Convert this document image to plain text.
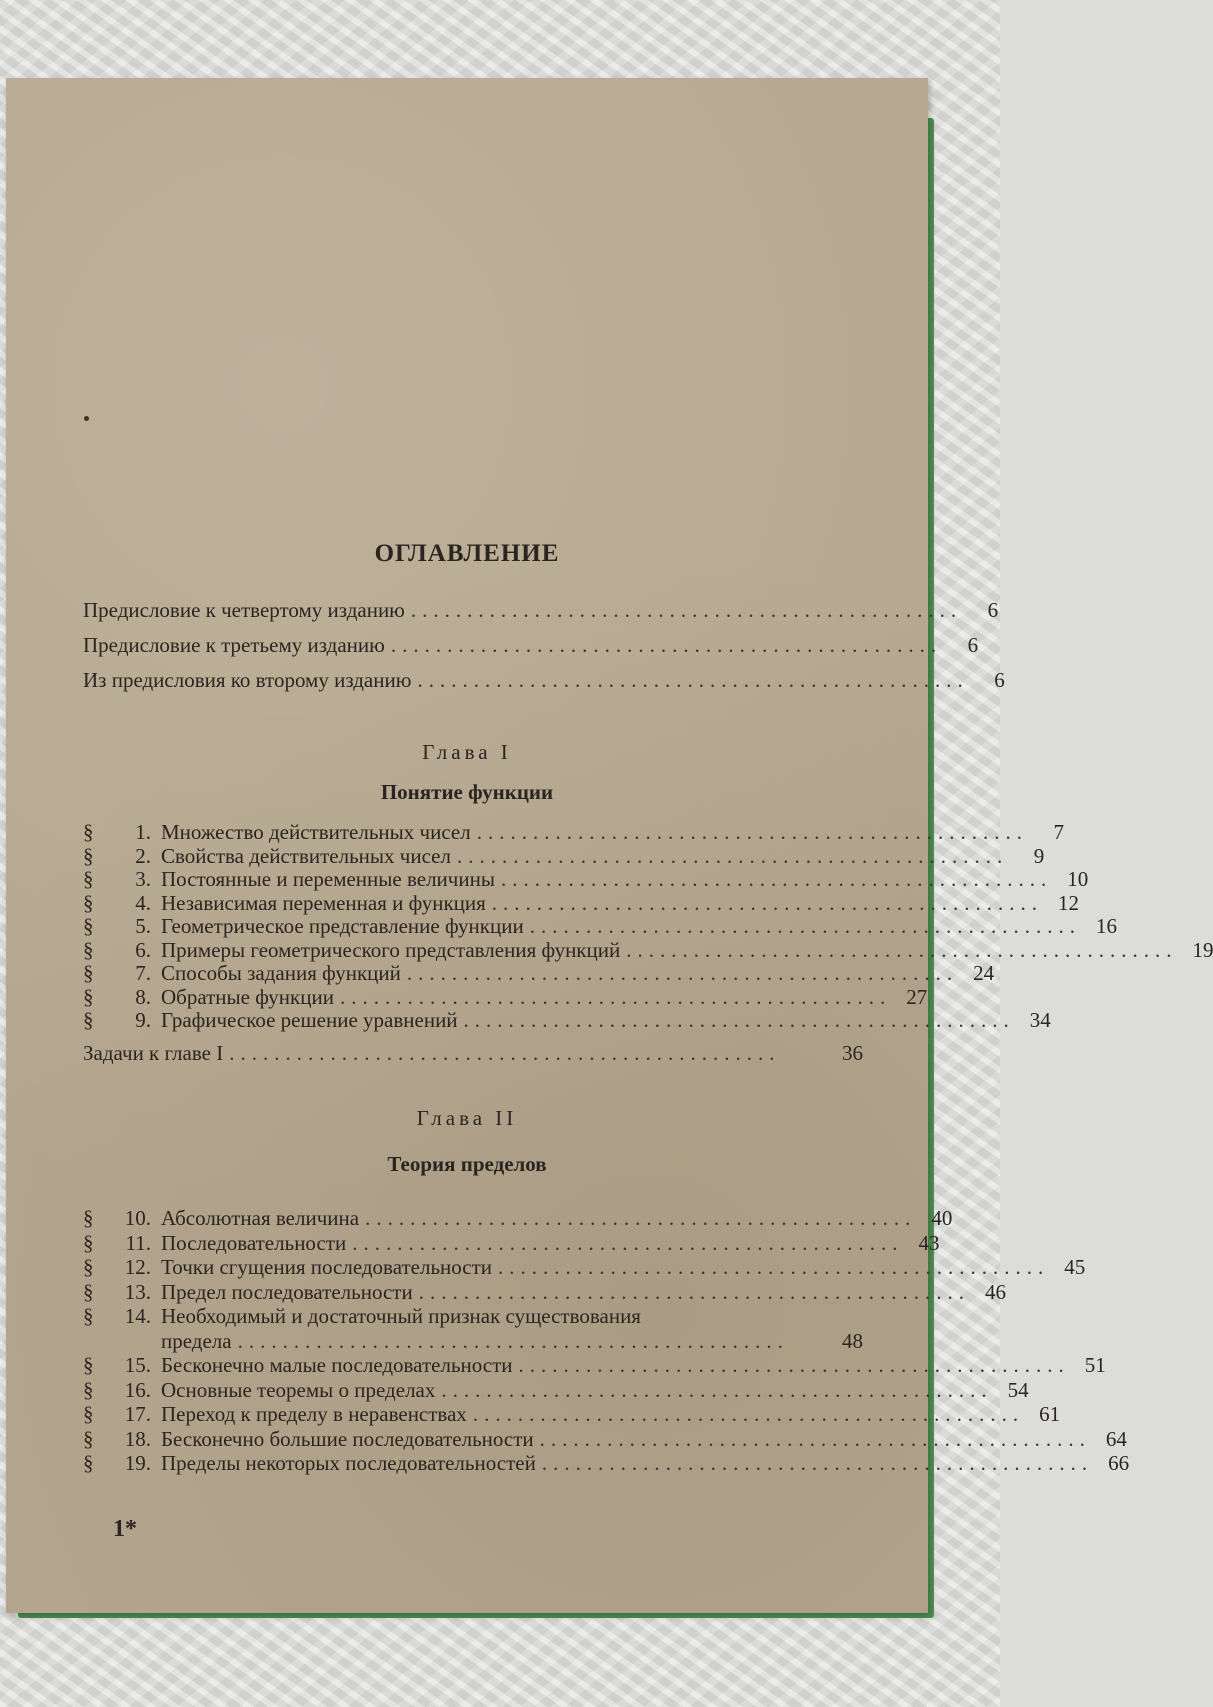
ОГЛАВЛЕНИЕ
Предисловие к четвертому изданию .................................................	6
Предисловие к третьему изданию .................................................	6
Из предисловия ко второму изданию .................................................	6
Глава I
Понятие функции
§	1. Множество действительных чисел .................................................	7
§	2. Свойства действительных чисел .................................................	9
§	3. Постоянные и переменные величины ................................................. 10
§	4. Независимая переменная и функция ................................................. 12
§	5. Геометрическое представление функции ................................................. 16
§	6. Примеры геометрического представления функций ................................................. 19
§	7. Способы задания функций ................................................. 24
§	8. Обратные функции ................................................. 27
§	9. Графическое решение уравнений ................................................. 34
Задачи к главе I .................................................	36
Глава II
Теория пределов
§	10. Абсолютная величина ................................................. 40
§	11. Последовательности ................................................. 43
§	12. Точки сгущения последовательности ................................................. 45
§	13. Предел последовательности ................................................. 46
§	14. Необходимый и достаточный признак существования
предела .................................................	48
§	15. Бесконечно малые последовательности ................................................. 51
§	16. Основные теоремы о пределах ................................................. 54
§	17. Переход к пределу в неравенствах ................................................. 61
§	18. Бесконечно большие последовательности ................................................. 64
§	19. Пределы некоторых последовательностей ................................................. 66
1*
